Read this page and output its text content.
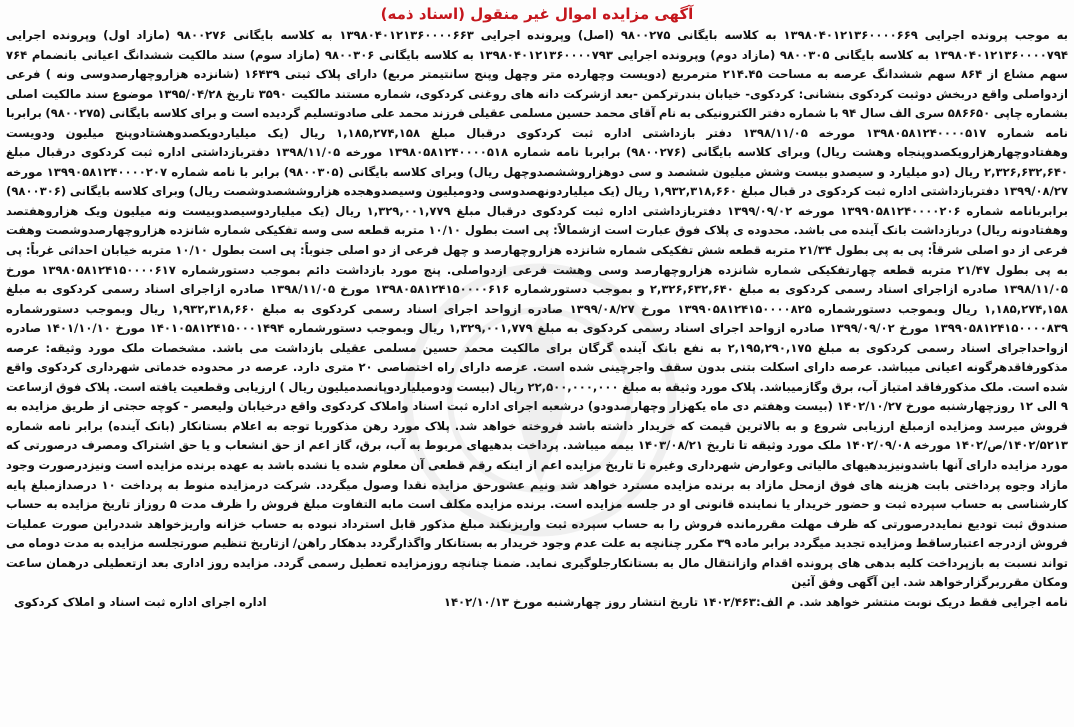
آگهی مزایده اموال غیر منقول (اسناد ذمه)

به موجب پرونده اجرایی ۱۳۹۸۰۴۰۱۲۱۳۶۰۰۰۰۶۶۹ به کلاسه بایگانی ۹۸۰۰۲۷۵ (اصل) وپرونده اجرایی ۱۳۹۸۰۴۰۱۲۱۳۶۰۰۰۰۶۶۳ به کلاسه بایگانی ۹۸۰۰۲۷۶ (مازاد اول) وپرونده اجرایی ۱۳۹۸۰۴۰۱۲۱۳۶۰۰۰۰۷۹۴ به کلاسه بایگانی ۹۸۰۰۳۰۵ (مازاد دوم) وپرونده اجرایی ۱۳۹۸۰۴۰۱۲۱۳۶۰۰۰۰۷۹۳ به کلاسه بایگانی ۹۸۰۰۳۰۶ (مازاد سوم) سند مالکیت ششدانگ اعیانی بانضمام ۷۶۴ سهم مشاع از ۸۶۴ سهم ششدانگ عرصه به مساحت ۲۱۴.۴۵ مترمربع (دویست وچهارده متر وچهل وپنج سانتیمتر مربع) دارای پلاک ثبتی ۱۶۴۳۹ (شانزده هزاروچهارصدوسی ونه ) فرعی ازدواصلی واقع دربخش دوثبت کردکوی بنشانی: کردکوی- خیابان بندرترکمن -بعد ازشرکت دانه های روغنی کردکوی، شماره مستند مالکیت ۳۵۹۰ تاریخ ۱۳۹۵/۰۴/۲۸ موضوع سند مالکیت اصلی بشماره چاپی ۵۸۶۶۵۰ سری الف سال ۹۴ با شماره دفتر الکترونیکی به نام آقای محمد حسین مسلمی عقیلی فرزند محمد علی صادوتسلیم گردیده است و برای کلاسه بایگانی (۹۸۰۰۲۷۵) برابربا نامه شماره ۱۳۹۸۰۵۸۱۲۴۰۰۰۰۵۱۷ مورخه ۱۳۹۸/۱۱/۰۵ دفتر بازداشتی اداره ثبت کردکوی درقبال مبلغ ۱,۱۸۵,۲۷۴,۱۵۸ ریال (یک میلیاردویکصدوهشتادوپنج میلیون ودویست وهفتادوچهارهزارویکصدوپنجاه وهشت ریال) وبرای کلاسه بایگانی (۹۸۰۰۲۷۶) برابربا نامه شماره ۱۳۹۸۰۵۸۱۲۴۰۰۰۰۵۱۸ مورخه ۱۳۹۸/۱۱/۰۵ دفتربازداشتی اداره ثبت کردکوی درقبال مبلغ ۲,۳۲۶,۶۳۲,۶۴۰ ریال (دو میلیارد و سیصدو بیست وشش میلیون ششصد و سی دوهزاروششصدوچهل ریال) وبرای کلاسه بایگانی (۹۸۰۰۳۰۵) برابر با نامه شماره ۱۳۹۹۰۵۸۱۲۴۰۰۰۰۲۰۷ مورخه ۱۳۹۹/۰۸/۲۷ دفتربازداشتی اداره ثبت کردکوی در قبال مبلغ ۱,۹۳۲,۳۱۸,۶۶۰ ریال (یک میلیاردونهصدوسی ودومیلیون وسیصدوهجده هزاروششصدوشصت ریال) وبرای کلاسه بایگانی (۹۸۰۰۳۰۶) برابربانامه شماره ۱۳۹۹۰۵۸۱۲۴۰۰۰۰۲۰۶ مورخه ۱۳۹۹/۰۹/۰۲ دفتربازداشتی اداره ثبت کردکوی درقبال مبلغ ۱,۳۲۹,۰۰۱,۷۷۹ ریال (یک میلیاردوسیصدوبیست ونه میلیون ویک هزاروهفتصد وهفتادونه ریال) دربازداشت بانک آینده می باشد. محدوده ی پلاک فوق عبارت است ازشمالاً: پی است بطول ۱۰/۱۰ متربه قطعه سی وسه تفکیکی شماره شانزده هزاروچهارصدوشصت وهفت فرعی از دو اصلی شرقاً: پی به پی بطول ۲۱/۳۴ متربه قطعه شش تفکیکی شماره شانزده هزاروچهارصد و چهل فرعی از دو اصلی جنوباً: پی است بطول ۱۰/۱۰ متربه خیابان احداثی غرباً: پی به پی بطول ۲۱/۴۷ متربه قطعه چهارتفکیکی شماره شانزده هزاروچهارصد وسی وهشت فرعی ازدواصلی. پنج مورد بازداشت دائم بموجب دستورشماره ۱۳۹۸۰۵۸۱۲۴۱۵۰۰۰۰۶۱۷ مورخ ۱۳۹۸/۱۱/۰۵ صادره ازاجرای اسناد رسمی کردکوی به مبلغ ۲,۳۲۶,۶۳۲,۶۴۰ و بموجب دستورشماره ۱۳۹۸۰۵۸۱۲۴۱۵۰۰۰۰۶۱۶ مورخ ۱۳۹۸/۱۱/۰۵ صادره ازاجرای اسناد رسمی کردکوی به مبلغ ۱,۱۸۵,۲۷۴,۱۵۸ ریال وبموجب دستورشماره ۱۳۹۹۰۵۸۱۲۴۱۵۰۰۰۰۸۲۵ مورخ ۱۳۹۹/۰۸/۲۷ صادره ازواحد اجرای اسناد رسمی کردکوی به مبلغ ۱,۹۳۲,۳۱۸,۶۶۰ ریال وبموجب دستورشماره ۱۳۹۹۰۵۸۱۲۴۱۵۰۰۰۰۸۳۹ مورخ ۱۳۹۹/۰۹/۰۲ صادره ازواحد اجرای اسناد رسمی کردکوی به مبلغ ۱,۳۲۹,۰۰۱,۷۷۹ ریال وبموجب دستورشماره ۱۴۰۱۰۵۸۱۲۴۱۵۰۰۰۱۴۹۴ مورخ ۱۴۰۱/۱۰/۱۰ صادره ازواحداجرای اسناد رسمی کردکوی به مبلغ ۲,۱۹۵,۲۹۰,۱۷۵ به نفع بانک آینده گرگان برای مالکیت محمد حسین مسلمی عقیلی بازداشت می باشد. مشخصات ملک مورد وثیقه: عرصه مذکورفاقدهرگونه اعیانی میباشد. عرصه دارای اسکلت بتنی بدون سقف واجرچینی شده است. عرصه دارای راه اختصاصی ۲۰ متری دارد. عرصه در محدوده خدماتی شهرداری کردکوی واقع شده است. ملک مذکورفاقد امتیاز آب، برق وگازمیباشد. پلاک مورد وثیقه به مبلغ ۲۲,۵۰۰,۰۰۰,۰۰۰ ریال (بیست ودومیلیاردوپانصدمیلیون ریال ) ارزیابی وقطعیت یافته است. پلاک فوق ازساعت ۹ الی ۱۲ روزچهارشنبه مورخ ۱۴۰۲/۱۰/۲۷ (بیست وهفتم دی ماه یکهزار وچهارصدودو) درشعبه اجرای اداره ثبت اسناد واملاک کردکوی واقع درخیابان ولیعصر - کوچه حجتی از طریق مزایده به فروش میرسد ومزایده ازمبلغ ارزیابی شروع و به بالاترین قیمت که خریدار داشته باشد فروخته خواهد شد. پلاک مورد رهن مذکوربا توجه به اعلام بستانکار (بانک آینده) برابر نامه شماره ۱۴۰۲/۵۲۱۳/ص/۱۴۰۲ مورخه ۱۴۰۲/۰۹/۰۸ ملک مورد وثیقه تا تاریخ ۱۴۰۳/۰۸/۲۱ بیمه میباشد. پرداخت بدهیهای مربوط به آب، برق، گاز اعم از حق انشعاب و یا حق اشتراک ومصرف درصورتی که مورد مزایده دارای آنها باشدونیزبدهیهای مالیاتی وعوارض شهرداری وغیره تا تاریخ مزایده اعم از اینکه رقم قطعی آن معلوم شده یا نشده باشد به عهده برنده مزایده است ونیزدرصورت وجود مازاد وجوه پرداختی بابت هزینه های فوق ازمحل مازاد به برنده مزایده مسترد خواهد شد ونیم عشورحق مزایده نقدا وصول میگردد. شرکت درمزایده منوط به پرداخت ۱۰ درصدازمبلغ پایه کارشناسی به حساب سپرده ثبت و حضور خریدار یا نماینده قانونی او در جلسه مزایده است. برنده مزایده مکلف است مابه التفاوت مبلغ فروش را ظرف مدت ۵ روزاز تاریخ مزایده به حساب صندوق ثبت تودیع نمایددرصورتی که ظرف مهلت مقررمانده فروش را به حساب سپرده ثبت واریزنکند مبلغ مذکور قابل استرداد نبوده به حساب خزانه واریزخواهد شددراین صورت عملیات فروش ازدرجه اعتبارساقط ومزایده تجدید میگردد برابر ماده ۳۹ مکرر چنانچه به علت عدم وجود خریدار به بستانکار واگذارگردد بدهکار راهن/ ازتاریخ تنظیم صورتجلسه مزایده به مدت دوماه می تواند نسبت به بازپرداخت کلیه بدهی های پرونده اقدام وازانتقال مال به بستانکارجلوگیری نماید. ضمنا چنانچه روزمزایده تعطیل رسمی گردد. مزایده روز اداری بعد ازتعطیلی درهمان ساعت ومکان مقرربرگزارخواهد شد. این آگهی وفق آئین

نامه اجرایی فقط دریک نوبت منتشر خواهد شد. م الف:۱۴۰۲/۴۶۳ تاریخ انتشار روز چهارشنبه مورخ ۱۴۰۲/۱۰/۱۳
اداره اجرای اداره ثبت اسناد و املاک کردکوی
